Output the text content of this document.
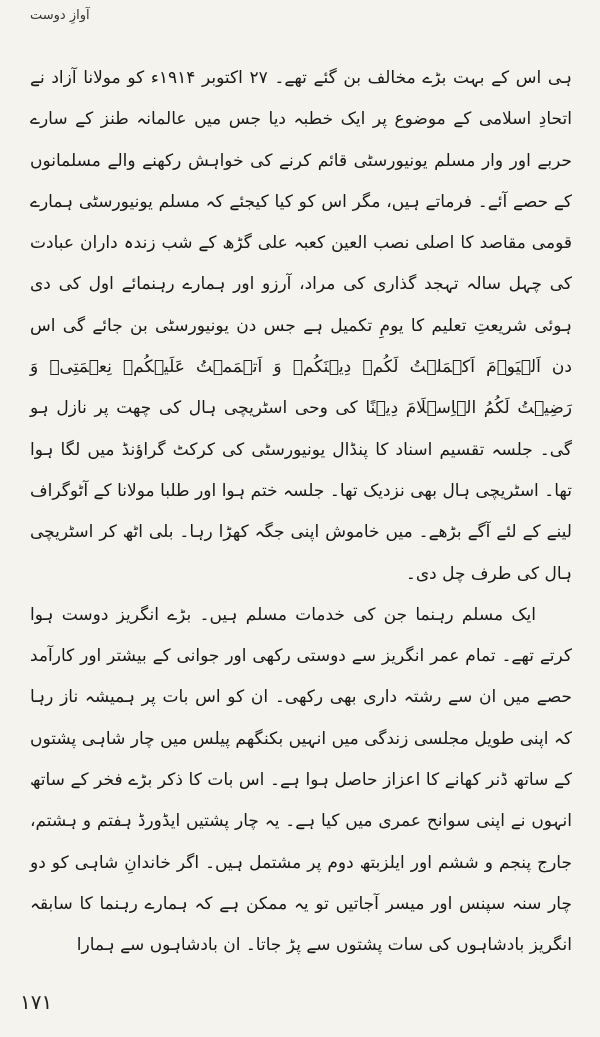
آوازِ دوست

ہی اس کے بہت بڑے مخالف بن گئے تھے۔ ۲۷ اکتوبر ۱۹۱۴ء کو مولانا آزاد نے اتحادِ اسلامی کے موضوع پر ایک خطبہ دیا جس میں عالمانہ طنز کے سارے حربے اور وار مسلم یونیورسٹی قائم کرنے کی خواہش رکھنے والے مسلمانوں کے حصے آئے۔ فرماتے ہیں، مگر اس کو کیا کیجئے کہ مسلم یونیورسٹی ہمارے قومی مقاصد کا اصلی نصب العین کعبہ علی گڑھ کے شب زندہ داران عبادت کی چہل سالہ تہجد گذاری کی مراد، آرزو اور ہمارے رہنمائے اول کی دی ہوئی شریعتِ تعلیم کا یومِ تکمیل ہے جس دن یونیورسٹی بن جائے گی اس دن اَلۡیَوۡمَ اَکۡمَلۡتُ لَکُمۡ دِیۡنَکُمۡ وَ اَتۡمَمۡتُ عَلَیۡکُمۡ نِعۡمَتِیۡ وَ رَضِیۡتُ لَکُمُ الۡاِسۡلَامَ دِیۡنًا کی وحی اسٹریچی ہال کی چھت پر نازل ہو گی۔ جلسہ تقسیم اسناد کا پنڈال یونیورسٹی کی کرکٹ گراؤنڈ میں لگا ہوا تھا۔ اسٹریچی ہال بھی نزدیک تھا۔ جلسہ ختم ہوا اور طلبا مولانا کے آٹوگراف لینے کے لئے آگے بڑھے۔ میں خاموش اپنی جگہ کھڑا رہا۔ بلی اٹھ کر اسٹریچی ہال کی طرف چل دی۔

ایک مسلم رہنما جن کی خدمات مسلم ہیں۔ بڑے انگریز دوست ہوا کرتے تھے۔ تمام عمر انگریز سے دوستی رکھی اور جوانی کے بیشتر اور کارآمد حصے میں ان سے رشتہ داری بھی رکھی۔ ان کو اس بات پر ہمیشہ ناز رہا کہ اپنی طویل مجلسی زندگی میں انہیں بکنگھم پیلس میں چار شاہی پشتوں کے ساتھ ڈنر کھانے کا اعزاز حاصل ہوا ہے۔ اس بات کا ذکر بڑے فخر کے ساتھ انہوں نے اپنی سوانح عمری میں کیا ہے۔ یہ چار پشتیں ایڈورڈ ہفتم و ہشتم، جارج پنجم و ششم اور ایلزبتھ دوم پر مشتمل ہیں۔ اگر خاندانِ شاہی کو دو چار سنہ سپنس اور میسر آجاتیں تو یہ ممکن ہے کہ ہمارے رہنما کا سابقہ انگریز بادشاہوں کی سات پشتوں سے پڑ جاتا۔ ان بادشاہوں سے ہمارا

۱۷۱
